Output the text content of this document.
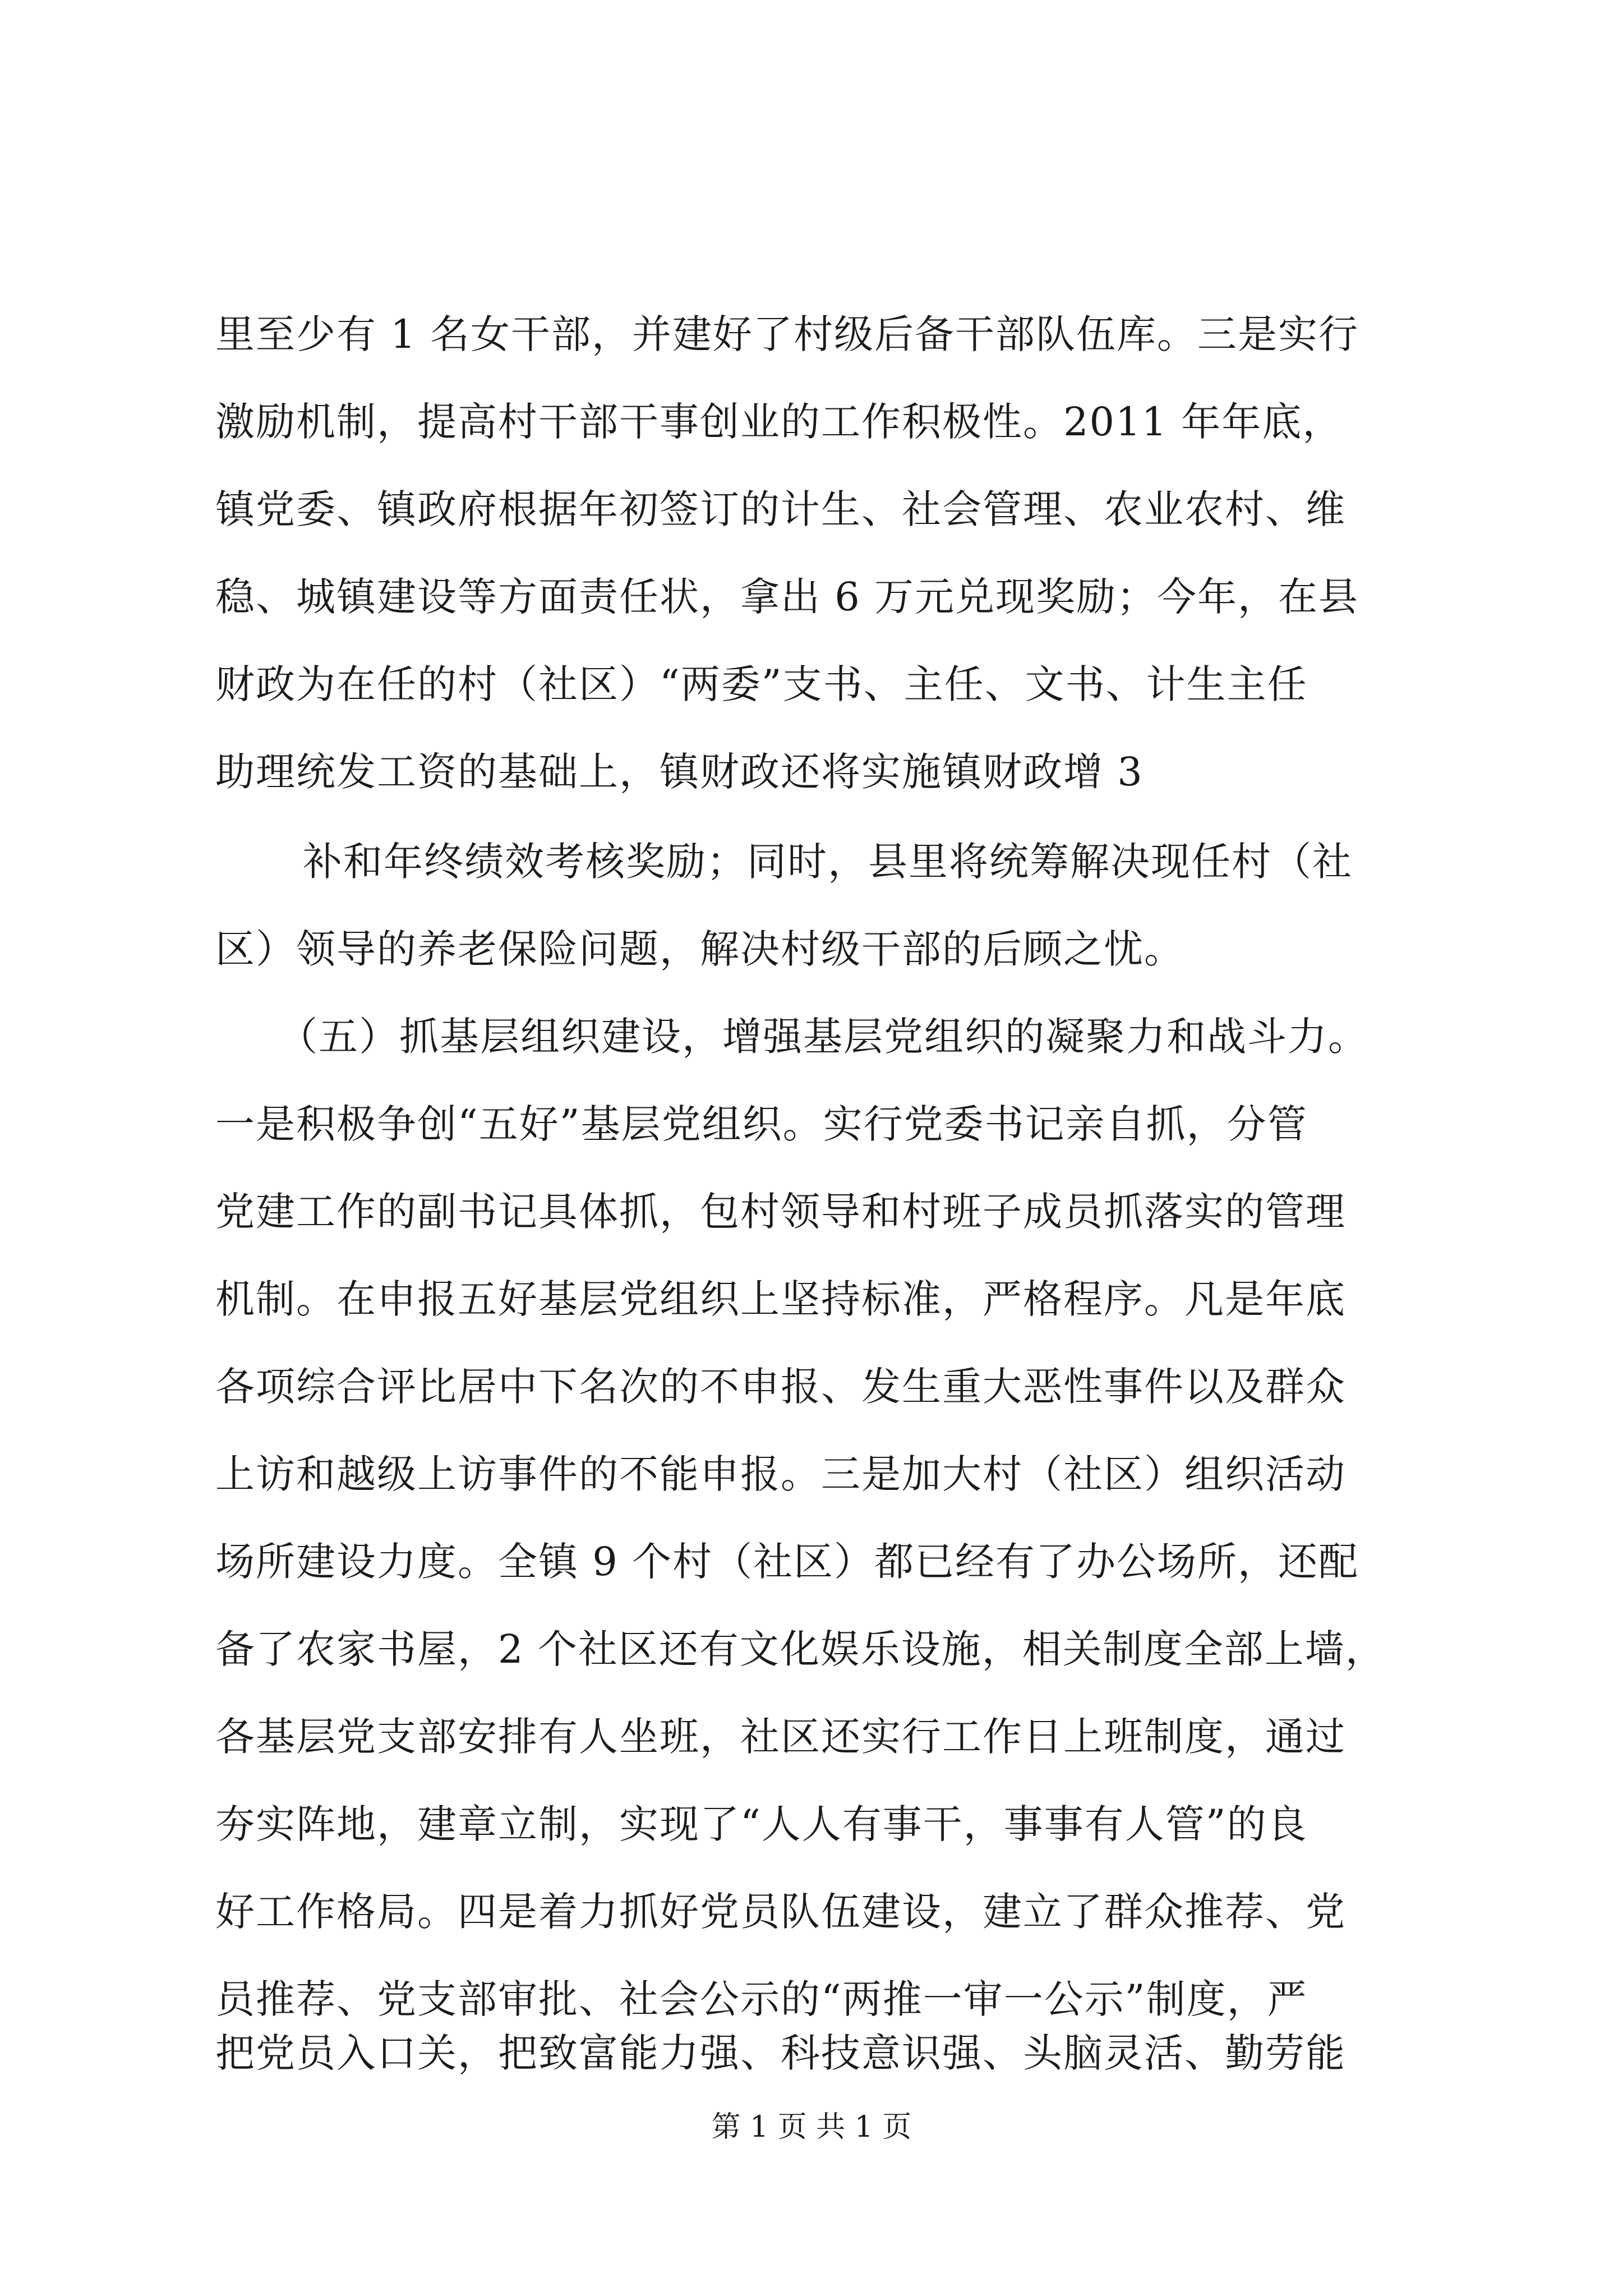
里至少有 1 名女干部，并建好了村级后备干部队伍库。三是实行
激励机制，提高村干部干事创业的工作积极性。2011 年年底，
镇党委、镇政府根据年初签订的计生、社会管理、农业农村、维
稳、城镇建设等方面责任状，拿出 6 万元兑现奖励；今年，在县
财政为在任的村（社区）“两委”支书、主任、文书、计生主任
助理统发工资的基础上，镇财政还将实施镇财政增 3
补和年终绩效考核奖励；同时，县里将统筹解决现任村（社
区）领导的养老保险问题，解决村级干部的后顾之忧。
（五）抓基层组织建设，增强基层党组织的凝聚力和战斗力。
一是积极争创“五好”基层党组织。实行党委书记亲自抓，分管
党建工作的副书记具体抓，包村领导和村班子成员抓落实的管理
机制。在申报五好基层党组织上坚持标准，严格程序。凡是年底
各项综合评比居中下名次的不申报、发生重大恶性事件以及群众
上访和越级上访事件的不能申报。三是加大村（社区）组织活动
场所建设力度。全镇 9 个村（社区）都已经有了办公场所，还配
备了农家书屋，2 个社区还有文化娱乐设施，相关制度全部上墙，
各基层党支部安排有人坐班，社区还实行工作日上班制度，通过
夯实阵地，建章立制，实现了“人人有事干，事事有人管”的良
好工作格局。四是着力抓好党员队伍建设，建立了群众推荐、党
员推荐、党支部审批、社会公示的“两推一审一公示”制度，严
把党员入口关，把致富能力强、科技意识强、头脑灵活、勤劳能
第 1 页 共 1 页
